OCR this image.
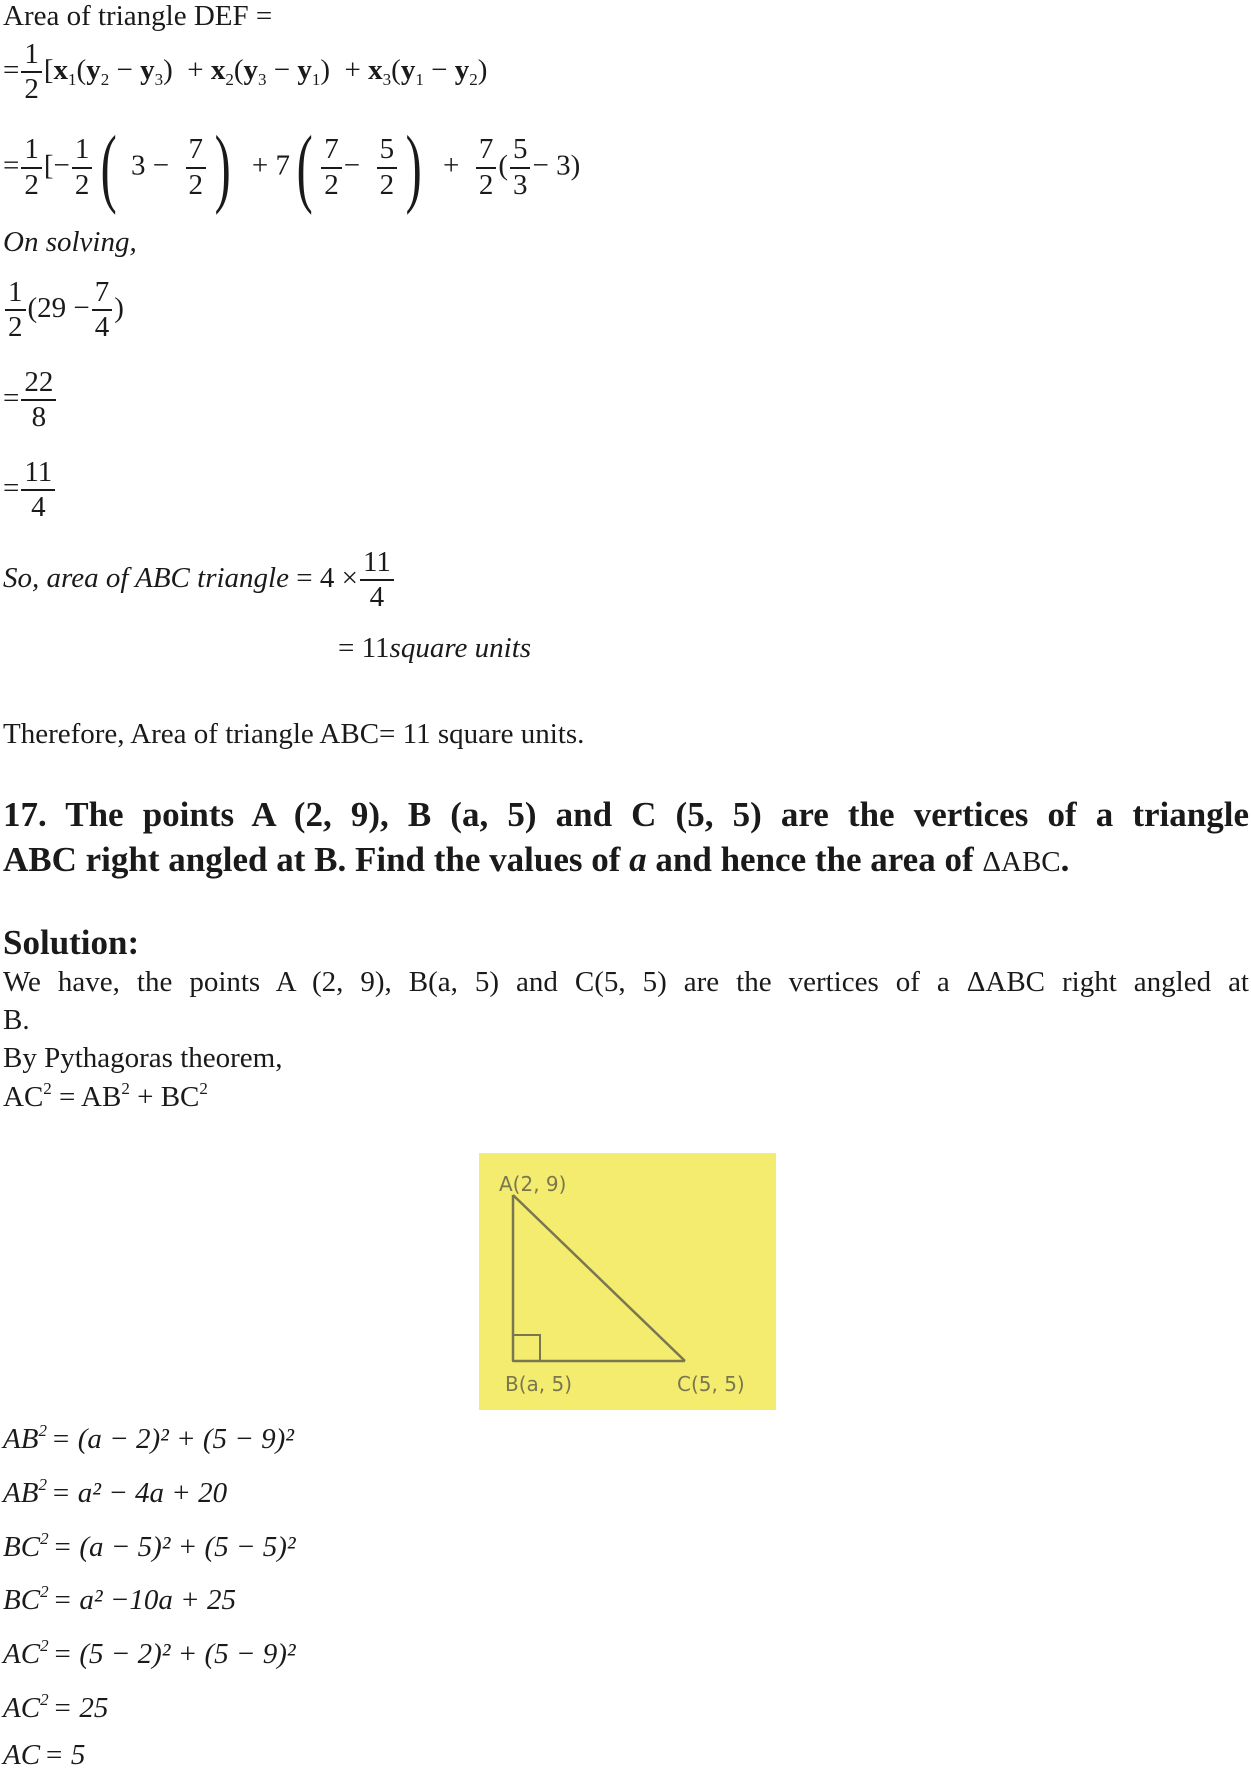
Area of triangle DEF =
= $\frac{1}{2} [x_1(y_2 - y_3) + x_2(y_3 - y_1) + x_3(y_1 - y_2)$
= $\frac{1}{2}$ [− $\frac{1}{2}$ ( $3 - \frac{7}{2}$ ) + $7( \frac{7}{2} - \frac{5}{2}$ ) + $\frac{7}{2}$ ( $\frac{5}{3} - 3$)
On solving,
$\frac{1}{2} (29 - \frac{7}{4}$ )
= $\frac{22}{8}$
= $\frac{11}{4}$
So, area of ABC triangle = $4 \times \frac{11}{4}$
= 11square units
Therefore, Area of triangle ABC= 11 square units.
17. The points A (2, 9), B (a, 5) and C (5, 5) are the vertices of a triangle
ABC right angled at B. Find the values of a and hence the area of ΔABC.
Solution:
We have, the points A (2, 9), B(a, 5) and C(5, 5) are the vertices of a ΔABC right angled at
B.
By Pythagoras theorem,
$AC^2 = AB^2 + BC^2$
A(2, 9)
B(a, 5)	C(5, 5)
$AB^2 = (a - 2)^2 + (5 - 9)^2$
$AB^2 = a^2 - 4a + 20$
$BC^2 = (a - 5)^2 + (5 - 5)^2$
$BC^2 = a^2 -10a + 25$
$AC^2 = (5 - 2)^2 + (5 - 9)^2$
$AC^2 = 25$
AC = 5
